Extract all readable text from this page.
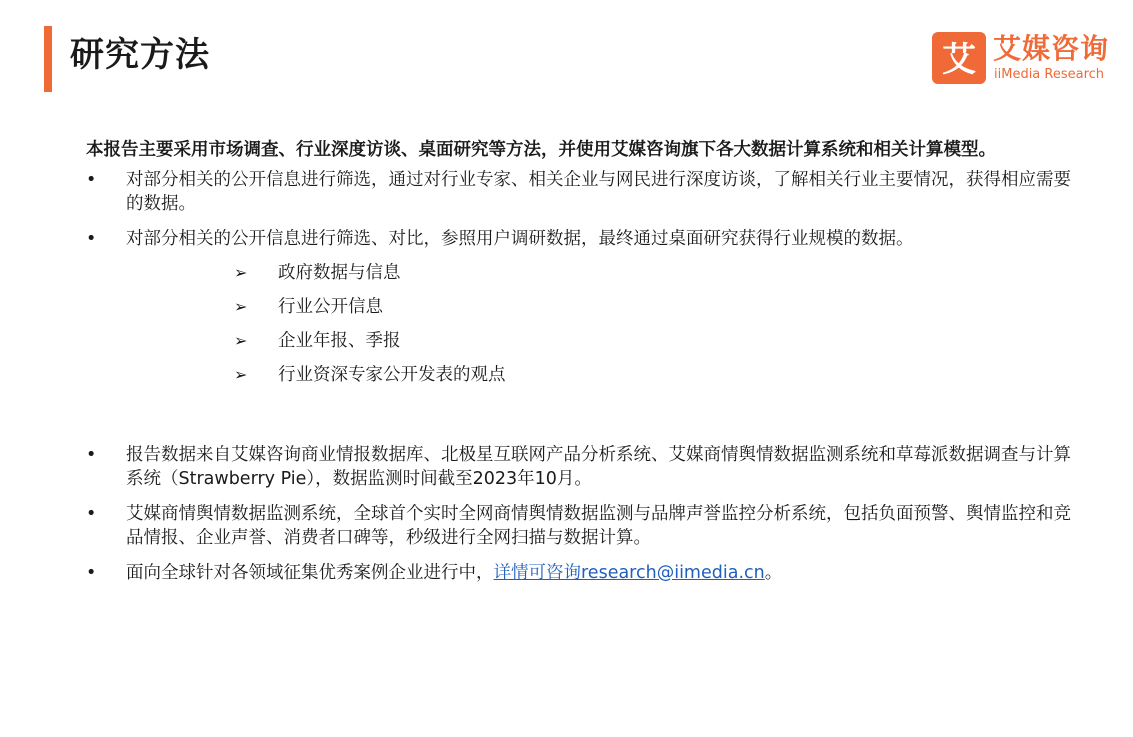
研究方法	艾 艾媒咨询
iiMedia Research

本报告主要采用市场调查、行业深度访谈、桌面研究等方法，并使用艾媒咨询旗下各大数据计算系统和相关计算模型。

• 对部分相关的公开信息进行筛选，通过对行业专家、相关企业与网民进行深度访谈，了解相关行业主要情况，获得相应需要的数据。
• 对部分相关的公开信息进行筛选、对比，参照用户调研数据，最终通过桌面研究获得行业规模的数据。
➢ 政府数据与信息
➢ 行业公开信息
➢ 企业年报、季报
➢ 行业资深专家公开发表的观点
• 报告数据来自艾媒咨询商业情报数据库、北极星互联网产品分析系统、艾媒商情舆情数据监测系统和草莓派数据调查与计算系统（Strawberry Pie），数据监测时间截至2023年10月。
• 艾媒商情舆情数据监测系统，全球首个实时全网商情舆情数据监测与品牌声誉监控分析系统，包括负面预警、舆情监控和竞品情报、企业声誉、消费者口碑等，秒级进行全网扫描与数据计算。
• 面向全球针对各领域征集优秀案例企业进行中，详情可咨询research@iimedia.cn。
